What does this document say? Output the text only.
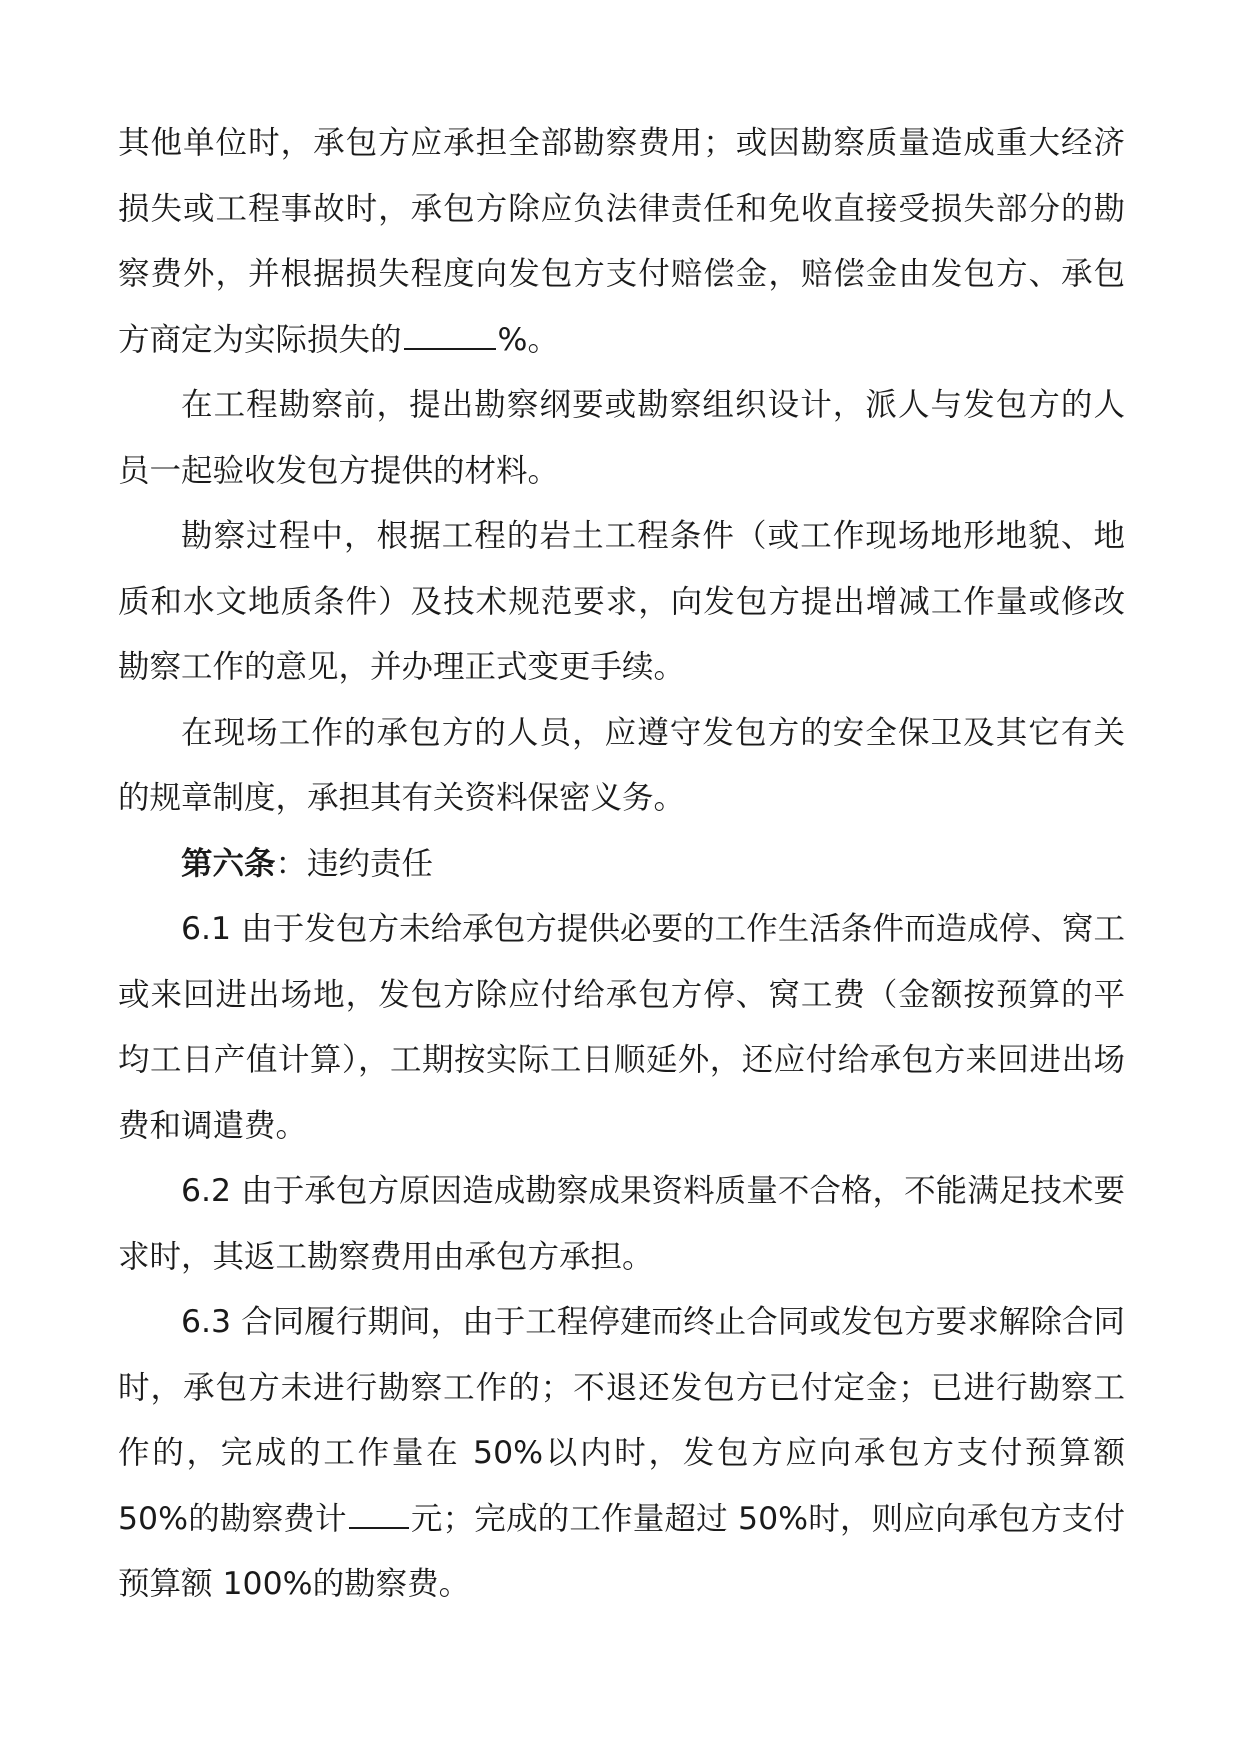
其他单位时，承包方应承担全部勘察费用；或因勘察质量造成重大经济损失或工程事故时，承包方除应负法律责任和免收直接受损失部分的勘察费外，并根据损失程度向发包方支付赔偿金，赔偿金由发包方、承包方商定为实际损失的	%。

在工程勘察前，提出勘察纲要或勘察组织设计，派人与发包方的人员一起验收发包方提供的材料。

勘察过程中，根据工程的岩土工程条件（或工作现场地形地貌、地质和水文地质条件）及技术规范要求，向发包方提出增减工作量或修改勘察工作的意见，并办理正式变更手续。

在现场工作的承包方的人员，应遵守发包方的安全保卫及其它有关的规章制度，承担其有关资料保密义务。

第六条：违约责任

6.1 由于发包方未给承包方提供必要的工作生活条件而造成停、窝工或来回进出场地，发包方除应付给承包方停、窝工费（金额按预算的平均工日产值计算），工期按实际工日顺延外，还应付给承包方来回进出场费和调遣费。

6.2 由于承包方原因造成勘察成果资料质量不合格，不能满足技术要求时，其返工勘察费用由承包方承担。

6.3 合同履行期间，由于工程停建而终止合同或发包方要求解除合同时，承包方未进行勘察工作的；不退还发包方已付定金；已进行勘察工作的，完成的工作量在 50%以内时，发包方应向承包方支付预算额 50%的勘察费计 元；完成的工作量超过 50%时，则应向承包方支付预算额 100%的勘察费。
